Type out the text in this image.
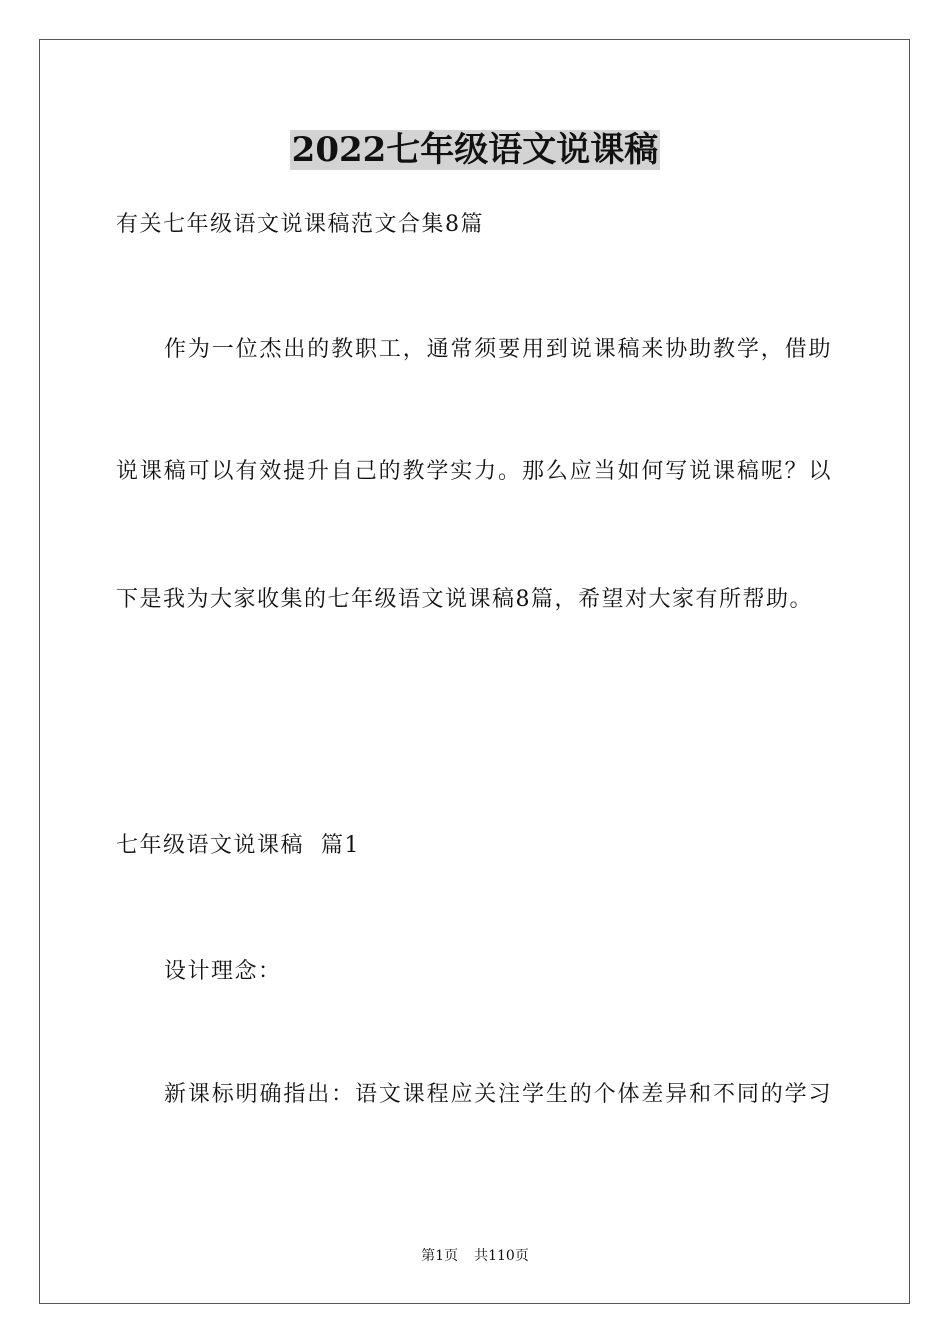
2022七年级语文说课稿
有关七年级语文说课稿范文合集8篇
作为一位杰出的教职工，通常须要用到说课稿来协助教学，借助
说课稿可以有效提升自己的教学实力。那么应当如何写说课稿呢？以
下是我为大家收集的七年级语文说课稿8篇，希望对大家有所帮助。
七年级语文说课稿  篇1
设计理念：
新课标明确指出：语文课程应关注学生的个体差异和不同的学习
第1页 共110页
